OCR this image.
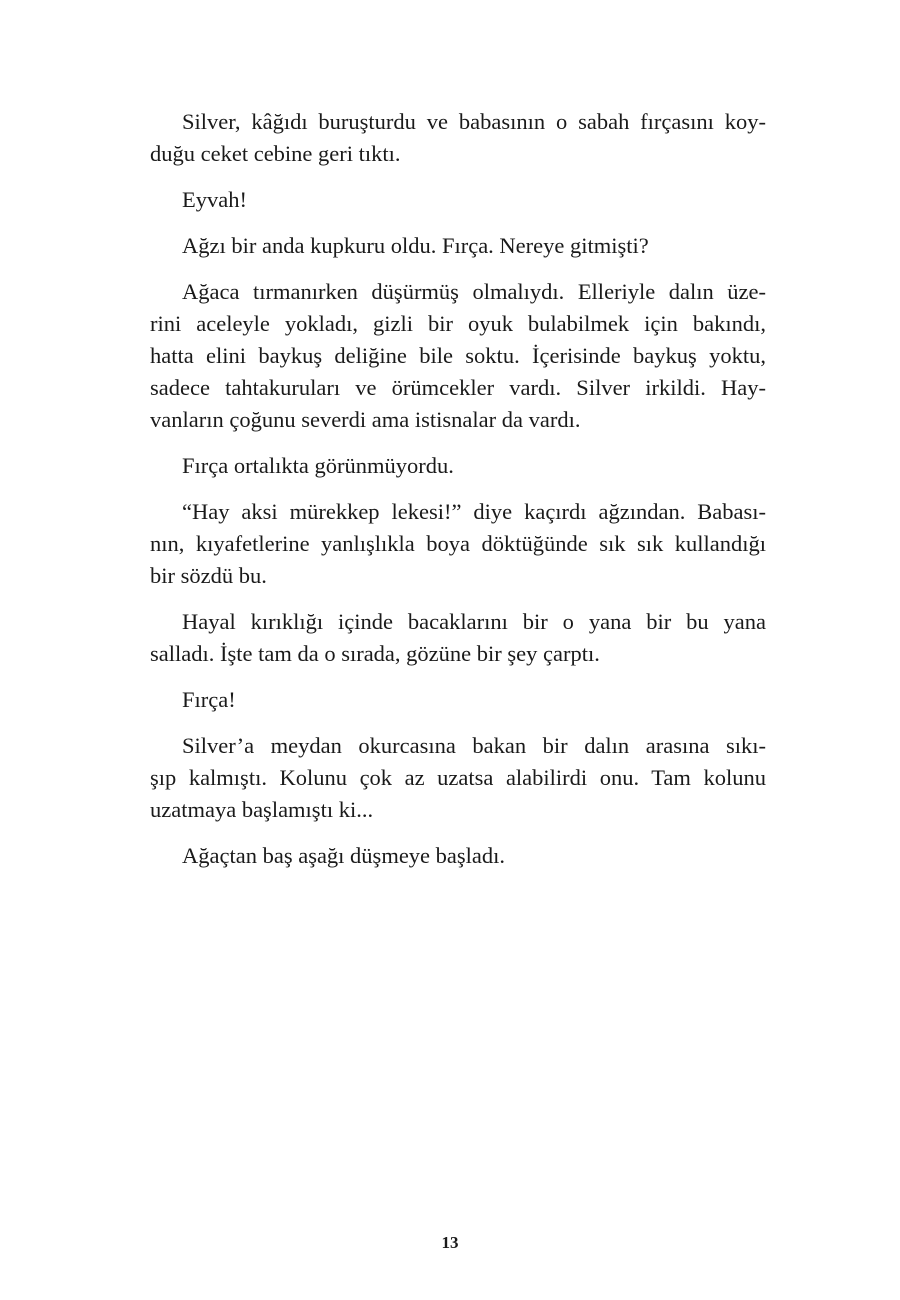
Silver, kâğıdı buruşturdu ve babasının o sabah fırçasını koy-
duğu ceket cebine geri tıktı.

Eyvah!

Ağzı bir anda kupkuru oldu. Fırça. Nereye gitmişti?

Ağaca tırmanırken düşürmüş olmalıydı. Elleriyle dalın üze-
rini aceleyle yokladı, gizli bir oyuk bulabilmek için bakındı,
hatta elini baykuş deliğine bile soktu. İçerisinde baykuş yoktu,
sadece tahtakuruları ve örümcekler vardı. Silver irkildi. Hay-
vanların çoğunu severdi ama istisnalar da vardı.

Fırça ortalıkta görünmüyordu.

“Hay aksi mürekkep lekesi!” diye kaçırdı ağzından. Babası-
nın, kıyafetlerine yanlışlıkla boya döktüğünde sık sık kullandığı
bir sözdü bu.

Hayal kırıklığı içinde bacaklarını bir o yana bir bu yana
salladı. İşte tam da o sırada, gözüne bir şey çarptı.

Fırça!

Silver’a meydan okurcasına bakan bir dalın arasına sıkı-
şıp kalmıştı. Kolunu çok az uzatsa alabilirdi onu. Tam kolunu
uzatmaya başlamıştı ki...

Ağaçtan baş aşağı düşmeye başladı.

13
